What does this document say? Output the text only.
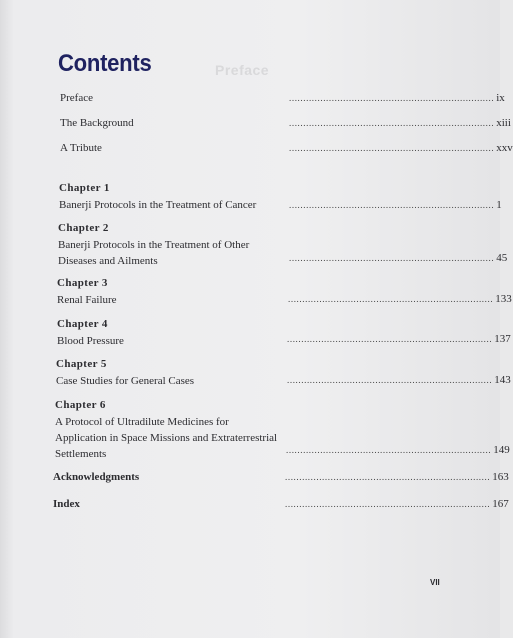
Preface
Contents
Preface	........................................................................ ix
The Background	........................................................................ xiii
A Tribute	........................................................................ xxv
Chapter 1
Banerji Protocols in the Treatment of Cancer	........................................................................ 1
Chapter 2
Banerji Protocols in the Treatment of Other
Diseases and Ailments	........................................................................ 45
Chapter 3
Renal Failure	........................................................................ 133
Chapter 4
Blood Pressure	........................................................................ 137
Chapter 5
Case Studies for General Cases	........................................................................ 143
Chapter 6
A Protocol of Ultradilute Medicines for
Application in Space Missions and Extraterrestrial
Settlements	........................................................................ 149
Acknowledgments	........................................................................ 163
Index	........................................................................ 167
VII
